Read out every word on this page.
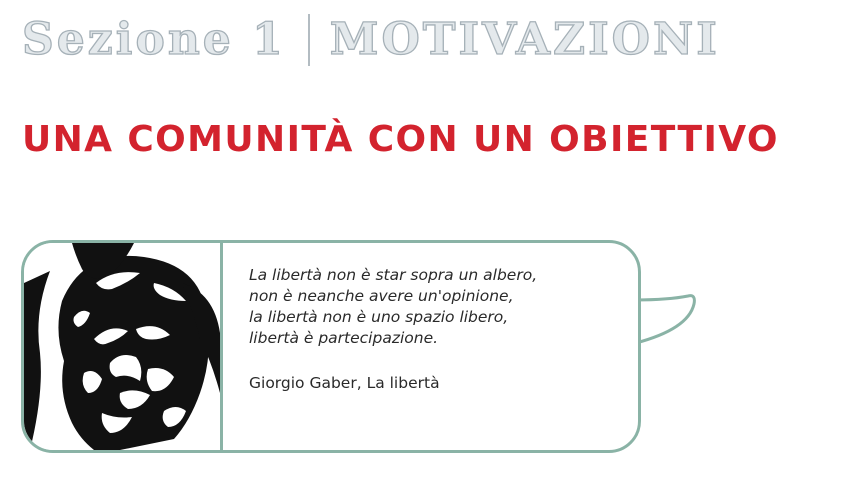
Sezione 1 MOTIVAZIONI
UNA COMUNITÀ CON UN OBIETTIVO
La libertà non è star sopra un albero,
non è neanche avere un'opinione,
la libertà non è uno spazio libero,
libertà è partecipazione.
Giorgio Gaber, La libertà
